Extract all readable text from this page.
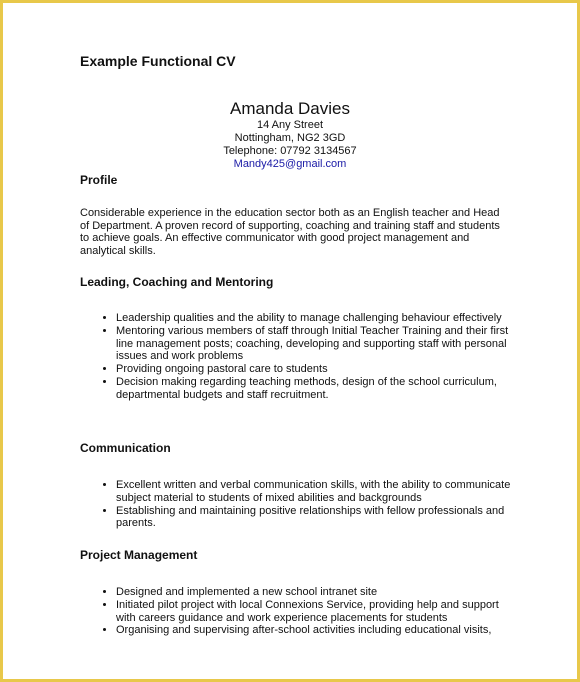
Example Functional CV
Amanda Davies
14 Any Street
Nottingham, NG2 3GD
Telephone: 07792 3134567
Mandy425@gmail.com
Profile
Considerable experience in the education sector both as an English teacher and Head of Department. A proven record of supporting, coaching and training staff and students to achieve goals. An effective communicator with good project management and analytical skills.
Leading, Coaching and Mentoring
• Leadership qualities and the ability to manage challenging behaviour effectively
• Mentoring various members of staff through Initial Teacher Training and their first line management posts; coaching, developing and supporting staff with personal issues and work problems
• Providing ongoing pastoral care to students
• Decision making regarding teaching methods, design of the school curriculum, departmental budgets and staff recruitment.
Communication
• Excellent written and verbal communication skills, with the ability to communicate subject material to students of mixed abilities and backgrounds
• Establishing and maintaining positive relationships with fellow professionals and parents.
Project Management
• Designed and implemented a new school intranet site
• Initiated pilot project with local Connexions Service, providing help and support with careers guidance and work experience placements for students
• Organising and supervising after-school activities including educational visits,
